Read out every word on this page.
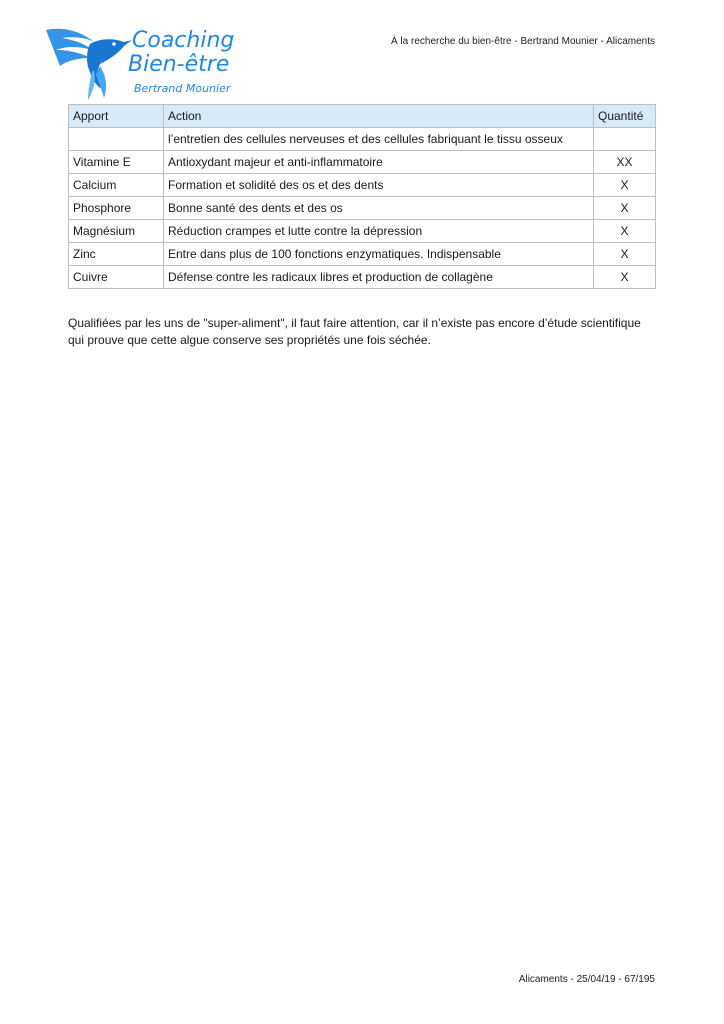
Coaching
Bien-être
Bertrand Mounier
À la recherche du bien-être - Bertrand Mounier - Alicaments
Apport	Action	Quantité
	l’entretien des cellules nerveuses et des cellules fabriquant le tissu osseux	
Vitamine E	Antioxydant majeur et anti-inflammatoire	XX
Calcium	Formation et solidité des os et des dents	X
Phosphore	Bonne santé des dents et des os	X
Magnésium	Réduction crampes et lutte contre la dépression	X
Zinc	Entre dans plus de 100 fonctions enzymatiques. Indispensable	X
Cuivre	Défense contre les radicaux libres et production de collagène	X

Qualifiées par les uns de "super-aliment", il faut faire attention, car il n’existe pas encore d’étude scientifique qui prouve que cette algue conserve ses propriétés une fois séchée.

Alicaments - 25/04/19 - 67/195
